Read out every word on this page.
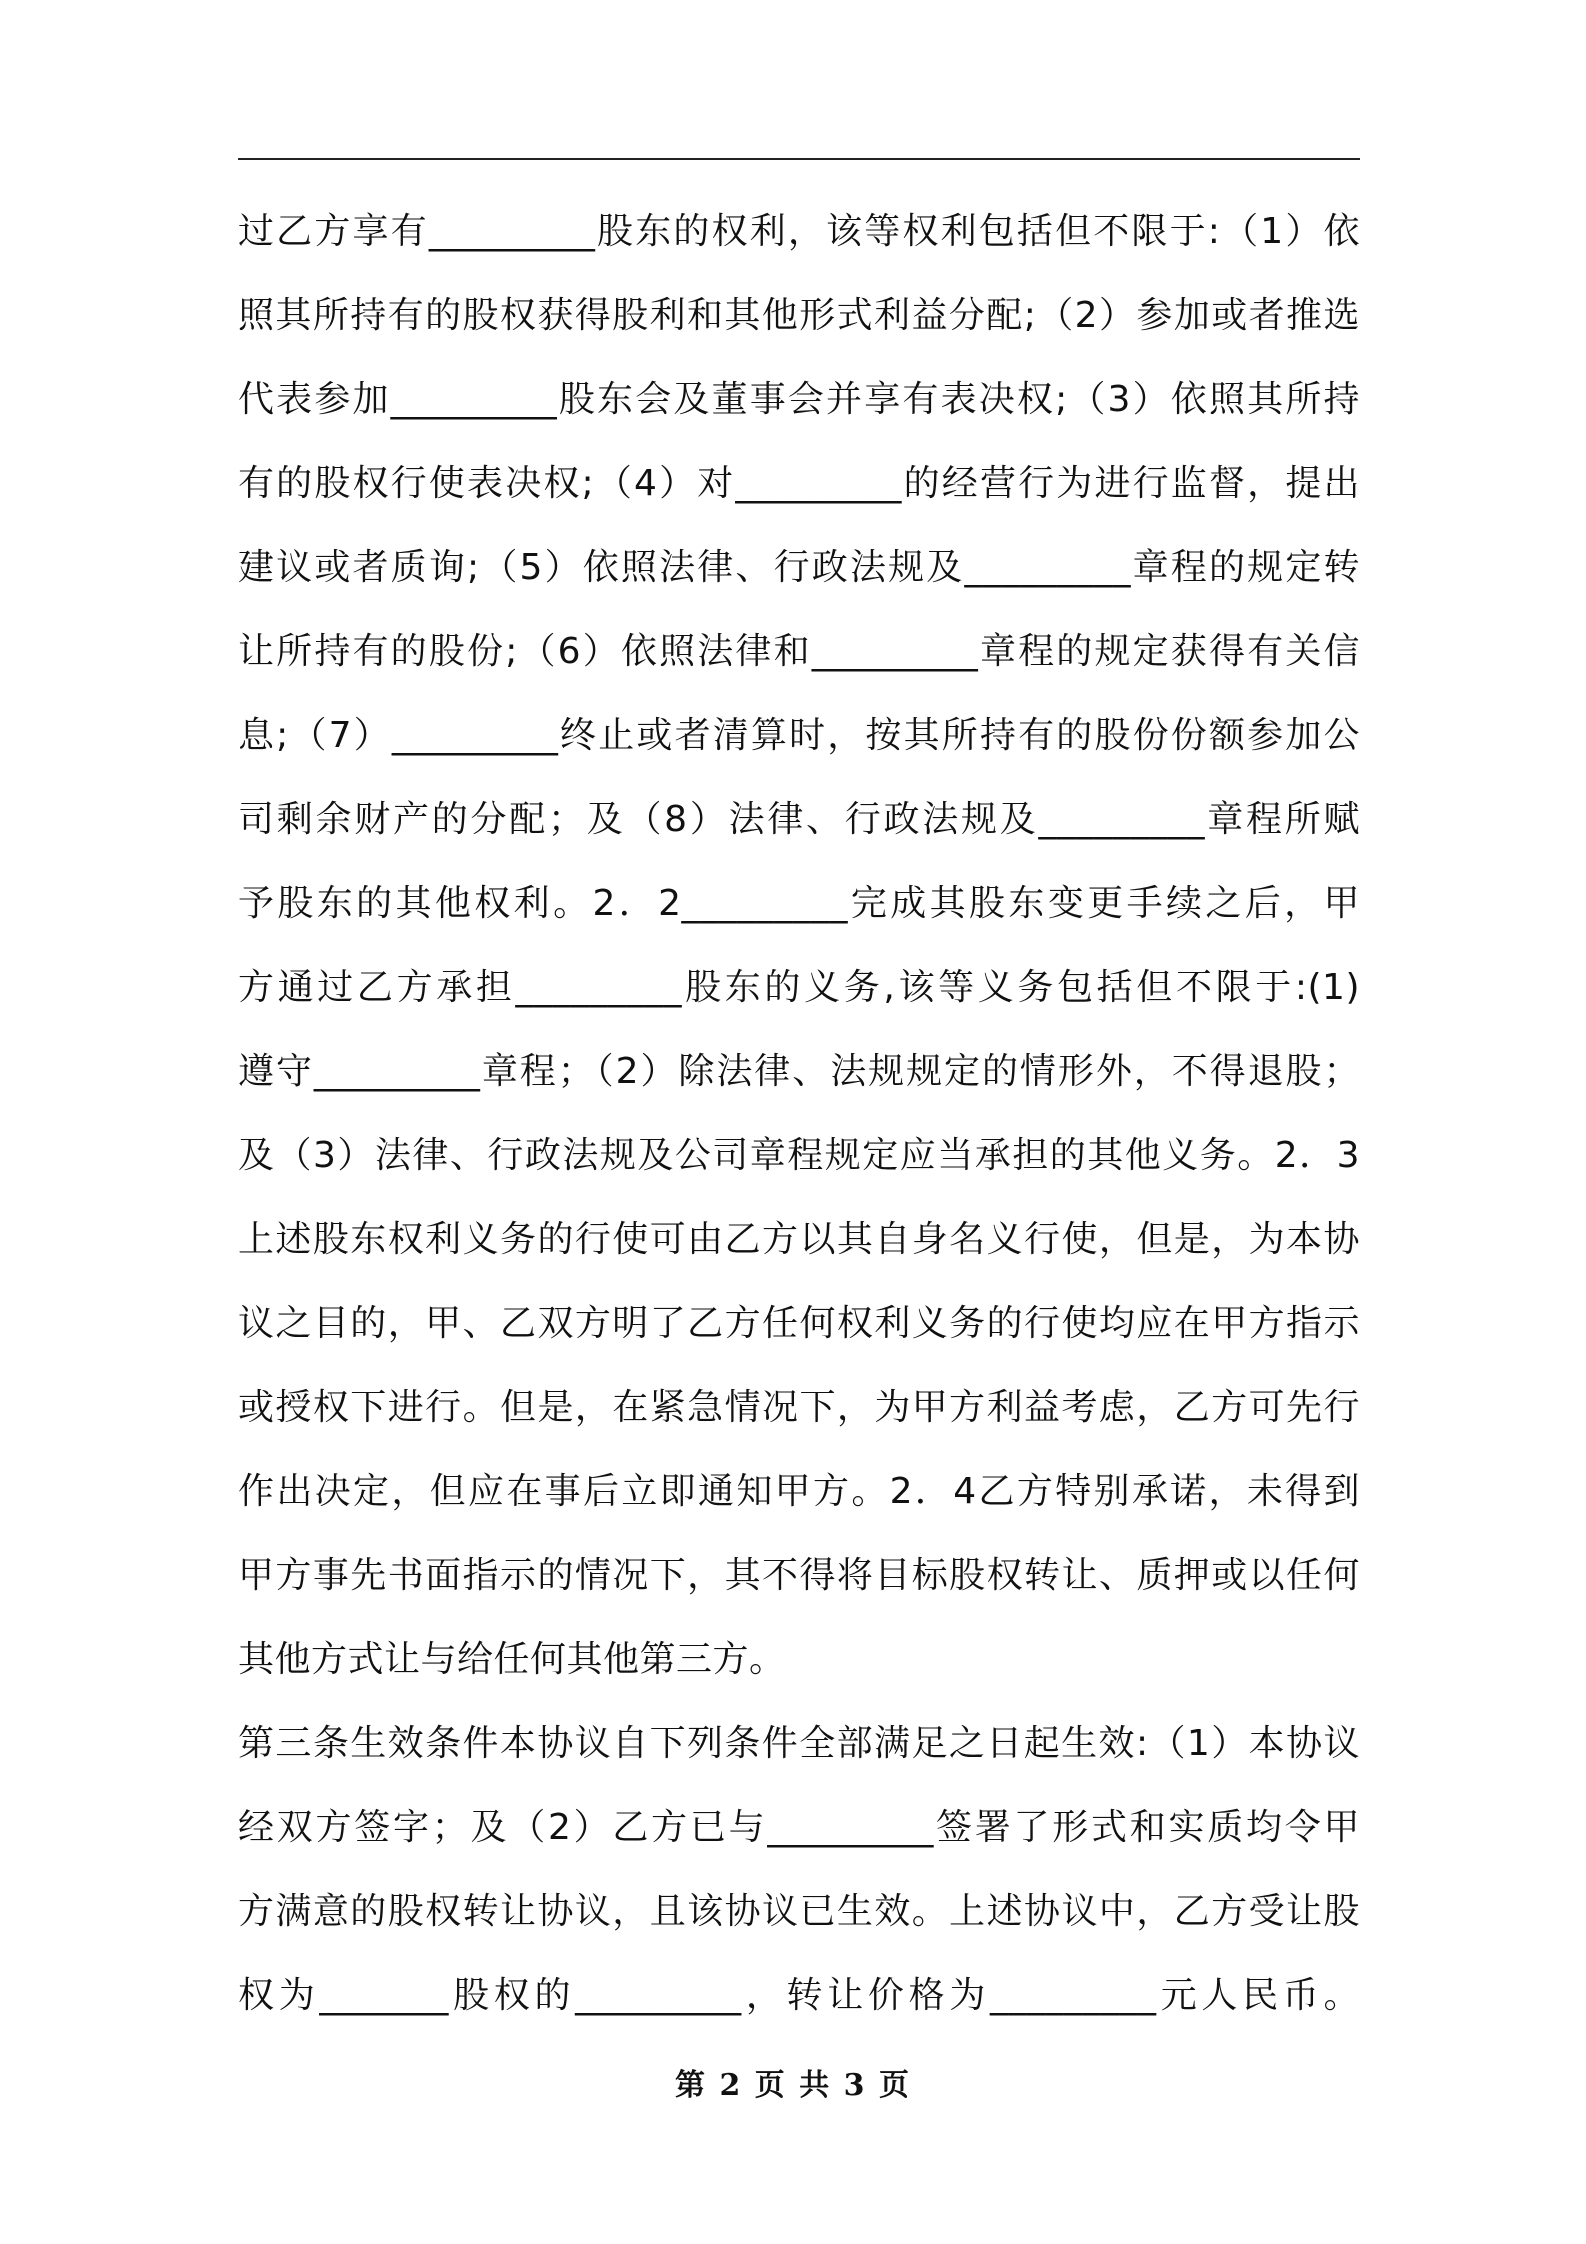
过乙方享有_________股东的权利，该等权利包括但不限于:（1）依
照其所持有的股权获得股利和其他形式利益分配;（2）参加或者推选
代表参加_________股东会及董事会并享有表决权;（3）依照其所持
有的股权行使表决权;（4）对_________的经营行为进行监督，提出
建议或者质询;（5）依照法律、行政法规及_________章程的规定转
让所持有的股份;（6）依照法律和_________章程的规定获得有关信
息;（7）_________终止或者清算时，按其所持有的股份份额参加公
司剩余财产的分配；及（8）法律、行政法规及_________章程所赋
予股东的其他权利。2．2_________完成其股东变更手续之后，甲
方通过乙方承担_________股东的义务,该等义务包括但不限于:(1)
遵守_________章程；（2）除法律、法规规定的情形外，不得退股；
及（3）法律、行政法规及公司章程规定应当承担的其他义务。2．3
上述股东权利义务的行使可由乙方以其自身名义行使，但是，为本协
议之目的，甲、乙双方明了乙方任何权利义务的行使均应在甲方指示
或授权下进行。但是，在紧急情况下，为甲方利益考虑，乙方可先行
作出决定，但应在事后立即通知甲方。2．4乙方特别承诺，未得到
甲方事先书面指示的情况下，其不得将目标股权转让、质押或以任何
其他方式让与给任何其他第三方。
第三条生效条件本协议自下列条件全部满足之日起生效:（1）本协议
经双方签字；及（2）乙方已与_________签署了形式和实质均令甲
方满意的股权转让协议，且该协议已生效。上述协议中，乙方受让股
权为_______股权的_________，转让价格为_________元人民币。
第 2 页 共 3 页
